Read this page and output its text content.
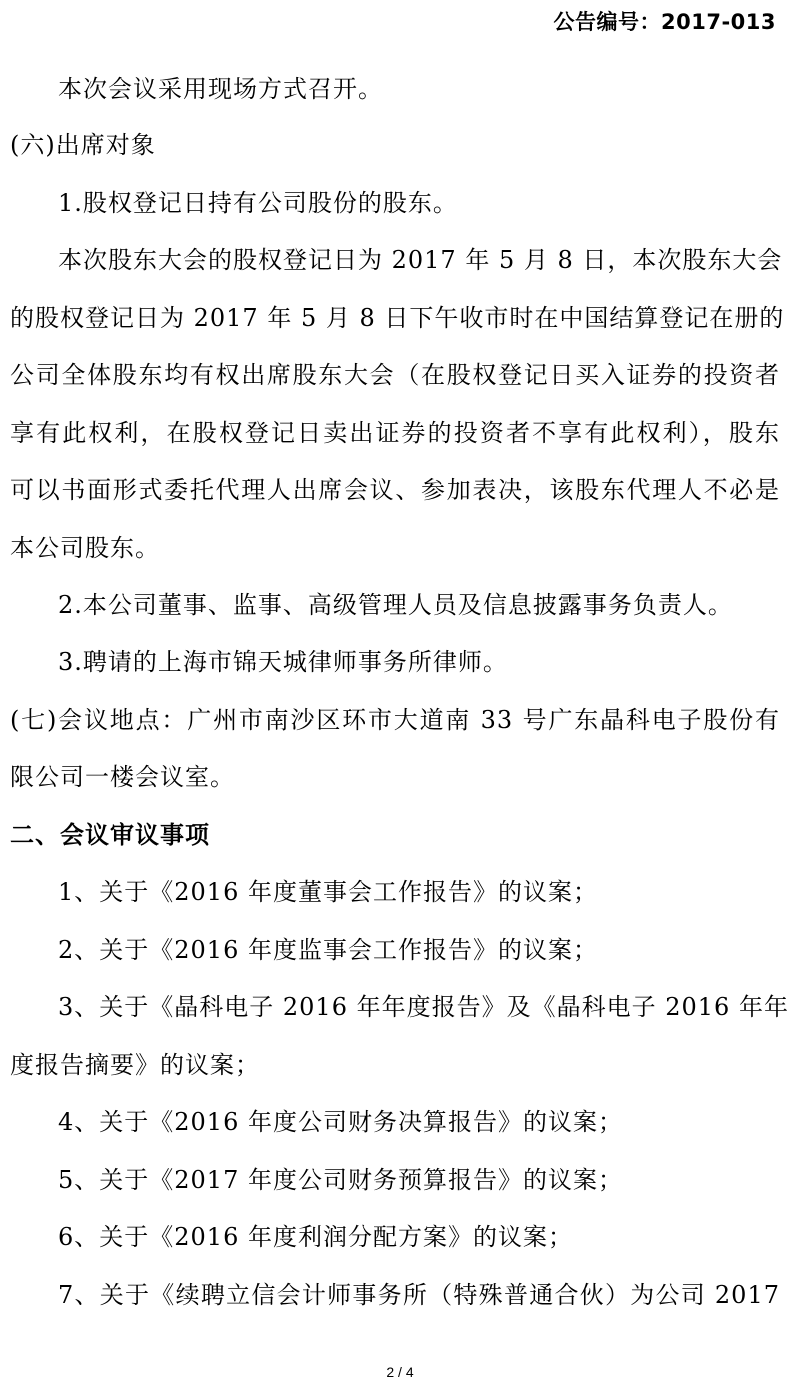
公告编号：2017-013
本次会议采用现场方式召开。
(六)出席对象
1.股权登记日持有公司股份的股东。
本次股东大会的股权登记日为 2017 年 5 月 8 日，本次股东大会
的股权登记日为 2017 年 5 月 8 日下午收市时在中国结算登记在册的
公司全体股东均有权出席股东大会（在股权登记日买入证券的投资者
享有此权利，在股权登记日卖出证券的投资者不享有此权利），股东
可以书面形式委托代理人出席会议、参加表决，该股东代理人不必是
本公司股东。
2.本公司董事、监事、高级管理人员及信息披露事务负责人。
3.聘请的上海市锦天城律师事务所律师。
(七)会议地点：广州市南沙区环市大道南 33 号广东晶科电子股份有
限公司一楼会议室。
二、会议审议事项
1、关于《2016 年度董事会工作报告》的议案；
2、关于《2016 年度监事会工作报告》的议案；
3、关于《晶科电子 2016 年年度报告》及《晶科电子 2016 年年
度报告摘要》的议案；
4、关于《2016 年度公司财务决算报告》的议案；
5、关于《2017 年度公司财务预算报告》的议案；
6、关于《2016 年度利润分配方案》的议案；
7、关于《续聘立信会计师事务所（特殊普通合伙）为公司 2017
2 / 4
